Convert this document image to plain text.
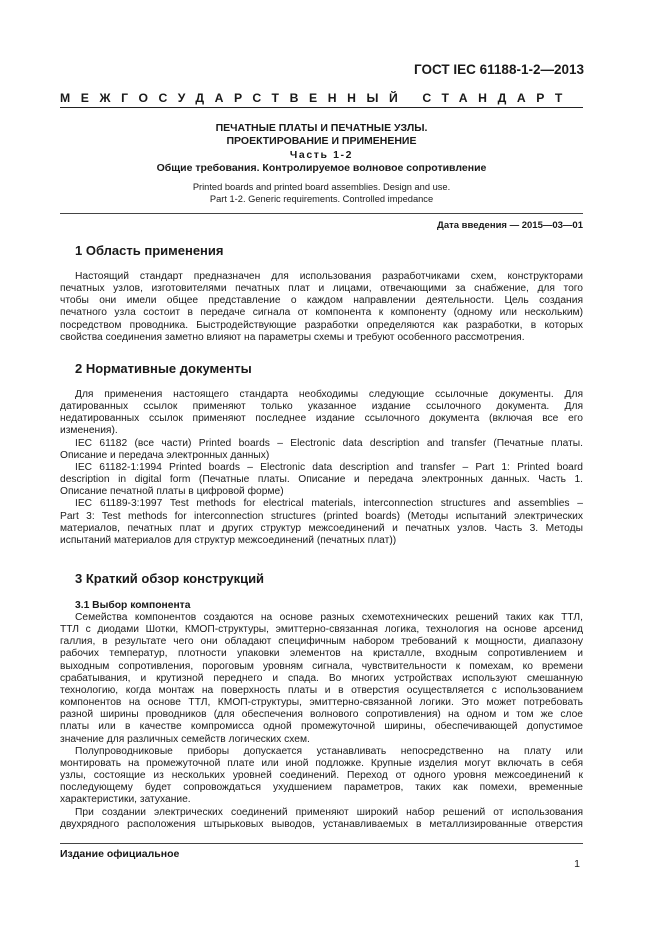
ГОСТ IEC 61188-1-2—2013
МЕЖГОСУДАРСТВЕННЫЙ СТАНДАРТ
ПЕЧАТНЫЕ ПЛАТЫ И ПЕЧАТНЫЕ УЗЛЫ.
ПРОЕКТИРОВАНИЕ И ПРИМЕНЕНИЕ
Часть 1-2
Общие требования. Контролируемое волновое сопротивление
Printed boards and printed board assemblies. Design and use.
Part 1-2. Generic requirements. Controlled impedance
Дата введения — 2015—03—01
1 Область применения
Настоящий стандарт предназначен для использования разработчиками схем, конструкторами
печатных узлов, изготовителями печатных плат и лицами, отвечающими за снабжение, для того
чтобы они имели общее представление о каждом направлении деятельности. Цель создания
печатного узла состоит в передаче сигнала от компонента к компоненту (одному или нескольким)
посредством проводника. Быстродействующие разработки определяются как разработки, в которых
свойства соединения заметно влияют на параметры схемы и требуют особенного рассмотрения.
2 Нормативные документы
Для применения настоящего стандарта необходимы следующие ссылочные документы. Для
датированных ссылок применяют только указанное издание ссылочного документа. Для
недатированных ссылок применяют последнее издание ссылочного документа (включая все его
изменения).
IEC 61182 (все части) Printed boards – Electronic data description and transfer (Печатные платы.
Описание и передача электронных данных)
IEC 61182-1:1994 Printed boards – Electronic data description and transfer – Part 1: Printed board
description in digital form (Печатные платы. Описание и передача электронных данных. Часть 1.
Описание печатной платы в цифровой форме)
IEC 61189-3:1997 Test methods for electrical materials, interconnection structures and assemblies –
Part 3: Test methods for interconnection structures (printed boards) (Методы испытаний электрических
материалов, печатных плат и других структур межсоединений и печатных узлов. Часть 3. Методы
испытаний материалов для структур межсоединений (печатных плат))
3 Краткий обзор конструкций
3.1 Выбор компонента
Семейства компонентов создаются на основе разных схемотехнических решений таких как ТТЛ,
ТТЛ с диодами Шотки, КМОП-структуры, эмиттерно-связанная логика, технология на основе арсенид
галлия, в результате чего они обладают специфичным набором требований к мощности, диапазону
рабочих температур, плотности упаковки элементов на кристалле, входным сопротивлением и
выходным сопротивления, пороговым уровням сигнала, чувствительности к помехам, ко времени
срабатывания, и крутизной переднего и спада. Во многих устройствах используют смешанную
технологию, когда монтаж на поверхность платы и в отверстия осуществляется с использованием
компонентов на основе ТТЛ, КМОП-структуры, эмиттерно-связанной логики. Это может потребовать
разной ширины проводников (для обеспечения волнового сопротивления) на одном и том же слое
платы или в качестве компромисса одной промежуточной ширины, обеспечивающей допустимое
значение для различных семейств логических схем.
Полупроводниковые приборы допускается устанавливать непосредственно на плату или
монтировать на промежуточной плате или иной подложке. Крупные изделия могут включать в себя
узлы, состоящие из нескольких уровней соединений. Переход от одного уровня межсоединений к
последующему будет сопровождаться ухудшением параметров, таких как помехи, временные
характеристики, затухание.
При создании электрических соединений применяют широкий набор решений от использования
двухрядного расположения штырьковых выводов, устанавливаемых в металлизированные отверстия
Издание официальное
1
